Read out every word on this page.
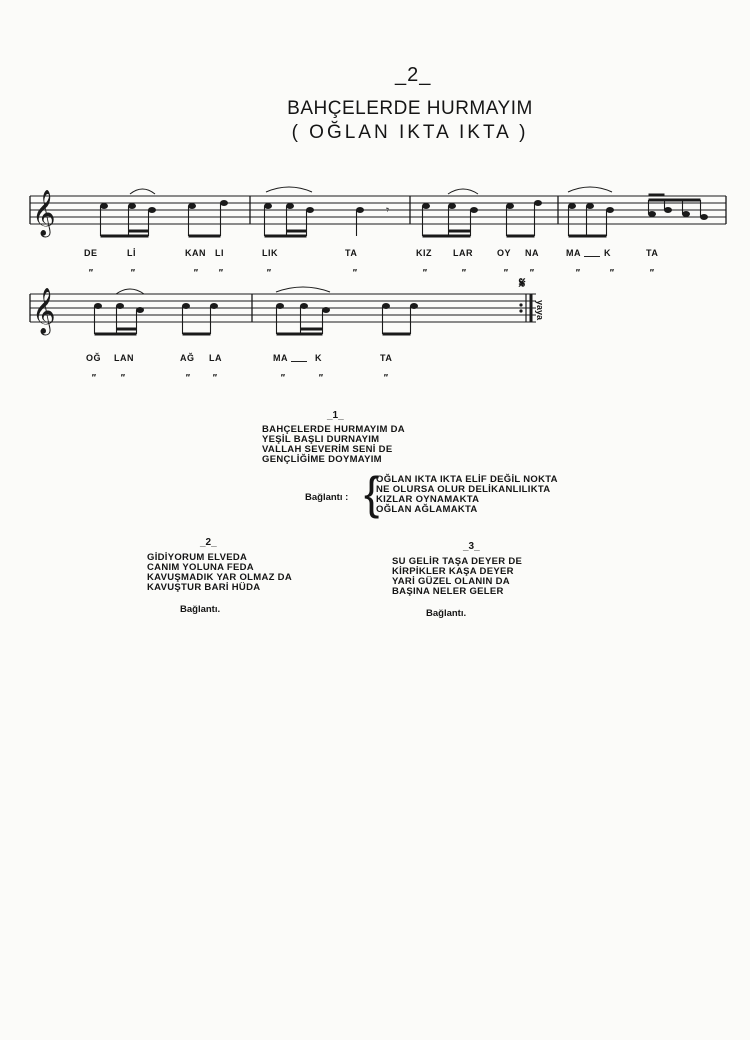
_2_
BAHÇELERDE HURMAYIM
( OĞLAN IKTA IKTA )
𝄞
𝄞
𝄾
DE	Lİ	KAN LI	LIK	TA	KIZ LAR	OY NA	MA	K	TA
"	"	" "	"	"	"	"	" "	"	"	"
𝄋
yaya
OĞ LAN	AĞ LA	MA	K	TA
" "	" "	"	"	"
_1_
BAHÇELERDE HURMAYIM DA
YEŞİL BAŞLI DURNAYIM
VALLAH SEVERİM SENİ DE
GENÇLİĞİME DOYMAYIM
Bağlantı : {
OĞLAN IKTA IKTA ELİF DEĞİL NOKTA
NE OLURSA OLUR DELİKANLILIKTA
KIZLAR OYNAMAKTA
OĞLAN AĞLAMAKTA
_2_
GİDİYORUM ELVEDA
CANIM YOLUNA FEDA
KAVUŞMADIK YAR OLMAZ DA
KAVUŞTUR BARİ HÜDA
Bağlantı.
_3_
SU GELİR TAŞA DEYER DE
KİRPİKLER KAŞA DEYER
YARİ GÜZEL OLANIN DA
BAŞINA NELER GELER
Bağlantı.
